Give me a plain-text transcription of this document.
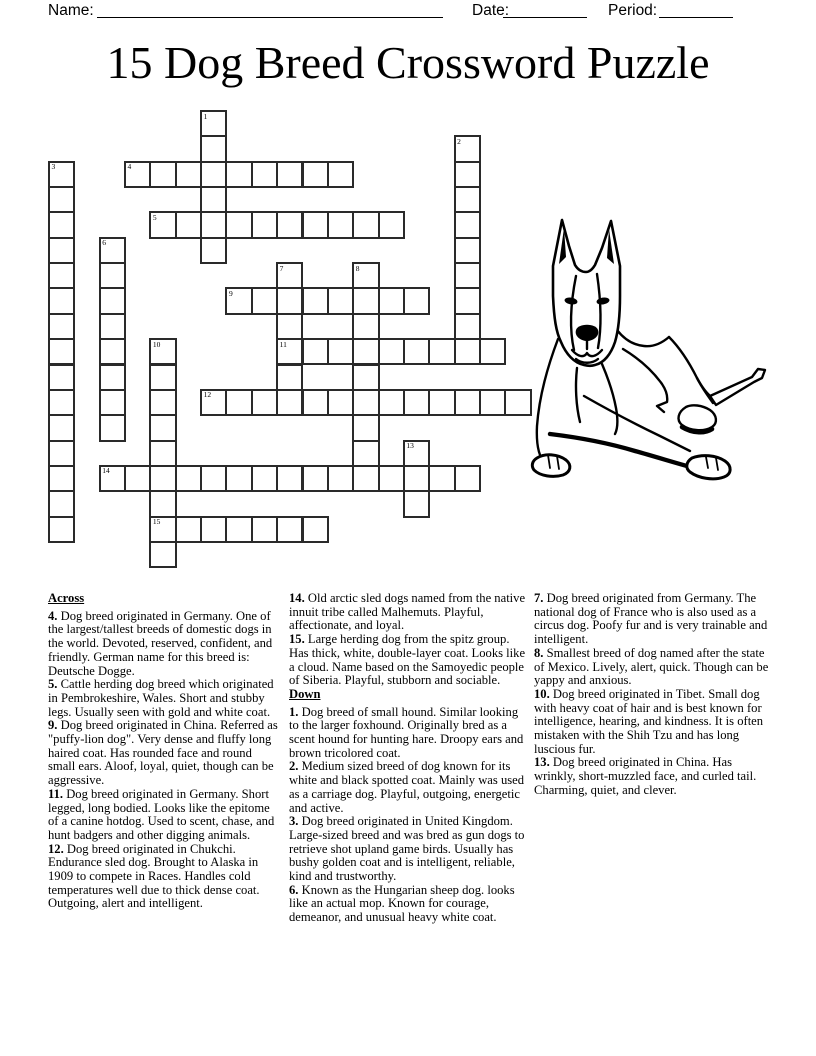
Name:	Date:	Period:
15 Dog Breed Crossword Puzzle
1
2
3	4
5
6
7
11
8
9
10
15
12
13
14

Across

4. Dog breed originated in Germany. One of the largest/tallest breeds of domestic dogs in the world. Devoted, reserved, confident, and friendly. German name for this breed is: Deutsche Dogge.

5. Cattle herding dog breed which originated in Pembrokeshire, Wales. Short and stubby legs. Usually seen with gold and white coat.

9. Dog breed originated in China. Referred as "puffy-lion dog". Very dense and fluffy long haired coat. Has rounded face and round small ears. Aloof, loyal, quiet, though can be aggressive.

11. Dog breed originated in Germany. Short legged, long bodied. Looks like the epitome of a canine hotdog. Used to scent, chase, and hunt badgers and other digging animals.

12. Dog breed originated in Chukchi. Endurance sled dog. Brought to Alaska in 1909 to compete in Races. Handles cold temperatures well due to thick dense coat. Outgoing, alert and intelligent.

14. Old arctic sled dogs named from the native innuit tribe called Malhemuts. Playful, affectionate, and loyal.

15. Large herding dog from the spitz group. Has thick, white, double-layer coat. Looks like a cloud. Name based on the Samoyedic people of Siberia. Playful, stubborn and sociable.

Down

1. Dog breed of small hound. Similar looking to the larger foxhound. Originally bred as a scent hound for hunting hare. Droopy ears and brown tricolored coat.

2. Medium sized breed of dog known for its white and black spotted coat. Mainly was used as a carriage dog. Playful, outgoing, energetic and active.

3. Dog breed originated in United Kingdom. Large-sized breed and was bred as gun dogs to retrieve shot upland game birds. Usually has bushy golden coat and is intelligent, reliable, kind and trustworthy.

6. Known as the Hungarian sheep dog. looks like an actual mop. Known for courage, demeanor, and unusual heavy white coat.

7. Dog breed originated from Germany. The national dog of France who is also used as a circus dog. Poofy fur and is very trainable and intelligent.

8. Smallest breed of dog named after the state of Mexico. Lively, alert, quick. Though can be yappy and anxious.

10. Dog breed originated in Tibet. Small dog with heavy coat of hair and is best known for intelligence, hearing, and kindness. It is often mistaken with the Shih Tzu and has long luscious fur.

13. Dog breed originated in China. Has wrinkly, short-muzzled face, and curled tail. Charming, quiet, and clever.
